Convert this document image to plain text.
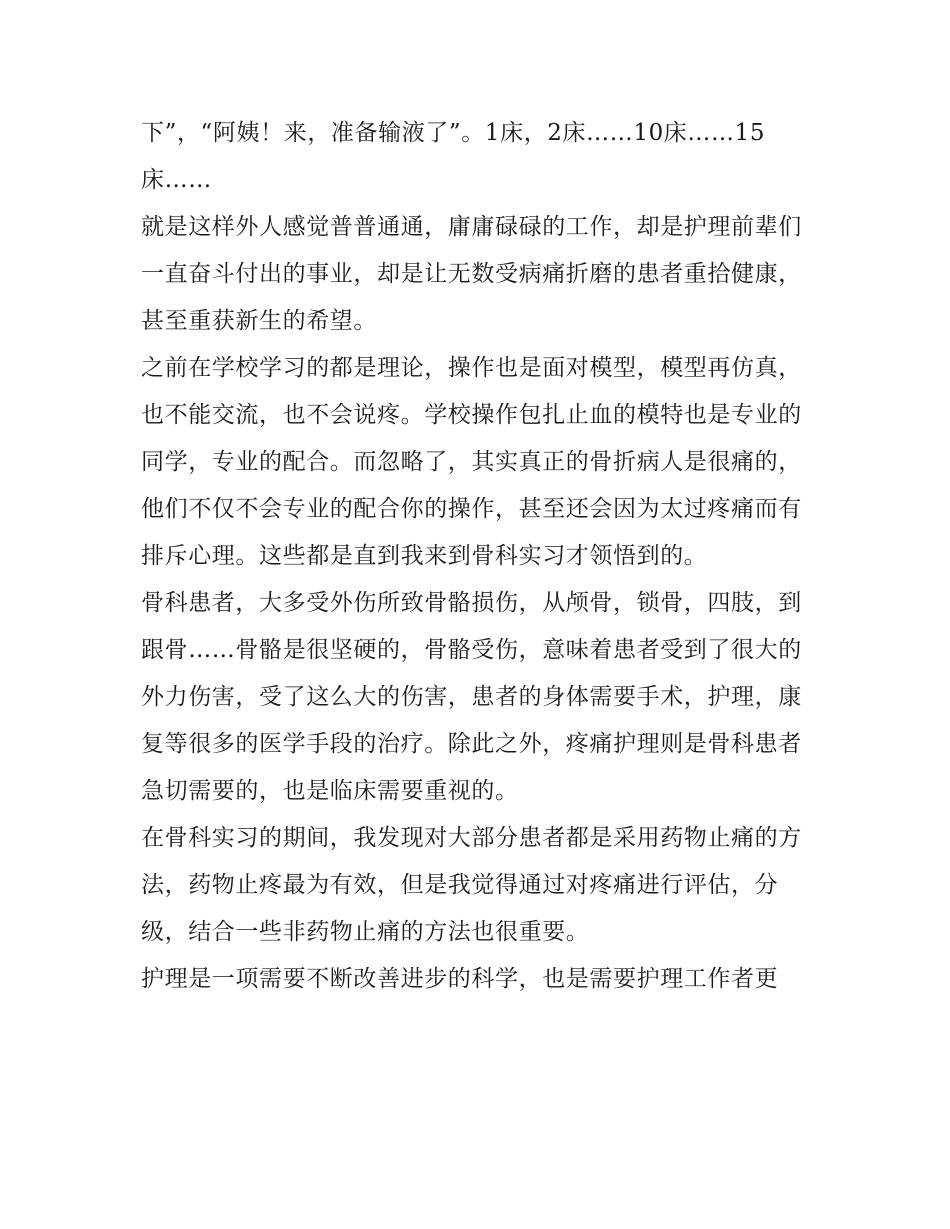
下”，“阿姨！来，准备输液了”。1床，2床……10床……15床……

就是这样外人感觉普普通通，庸庸碌碌的工作，却是护理前辈们一直奋斗付出的事业，却是让无数受病痛折磨的患者重拾健康，甚至重获新生的希望。

之前在学校学习的都是理论，操作也是面对模型，模型再仿真，也不能交流，也不会说疼。学校操作包扎止血的模特也是专业的同学，专业的配合。而忽略了，其实真正的骨折病人是很痛的，他们不仅不会专业的配合你的操作，甚至还会因为太过疼痛而有排斥心理。这些都是直到我来到骨科实习才领悟到的。

骨科患者，大多受外伤所致骨骼损伤，从颅骨，锁骨，四肢，到跟骨……骨骼是很坚硬的，骨骼受伤，意味着患者受到了很大的外力伤害，受了这么大的伤害，患者的身体需要手术，护理，康复等很多的医学手段的治疗。除此之外，疼痛护理则是骨科患者急切需要的，也是临床需要重视的。

在骨科实习的期间，我发现对大部分患者都是采用药物止痛的方法，药物止疼最为有效，但是我觉得通过对疼痛进行评估，分级，结合一些非药物止痛的方法也很重要。

护理是一项需要不断改善进步的科学，也是需要护理工作者更
